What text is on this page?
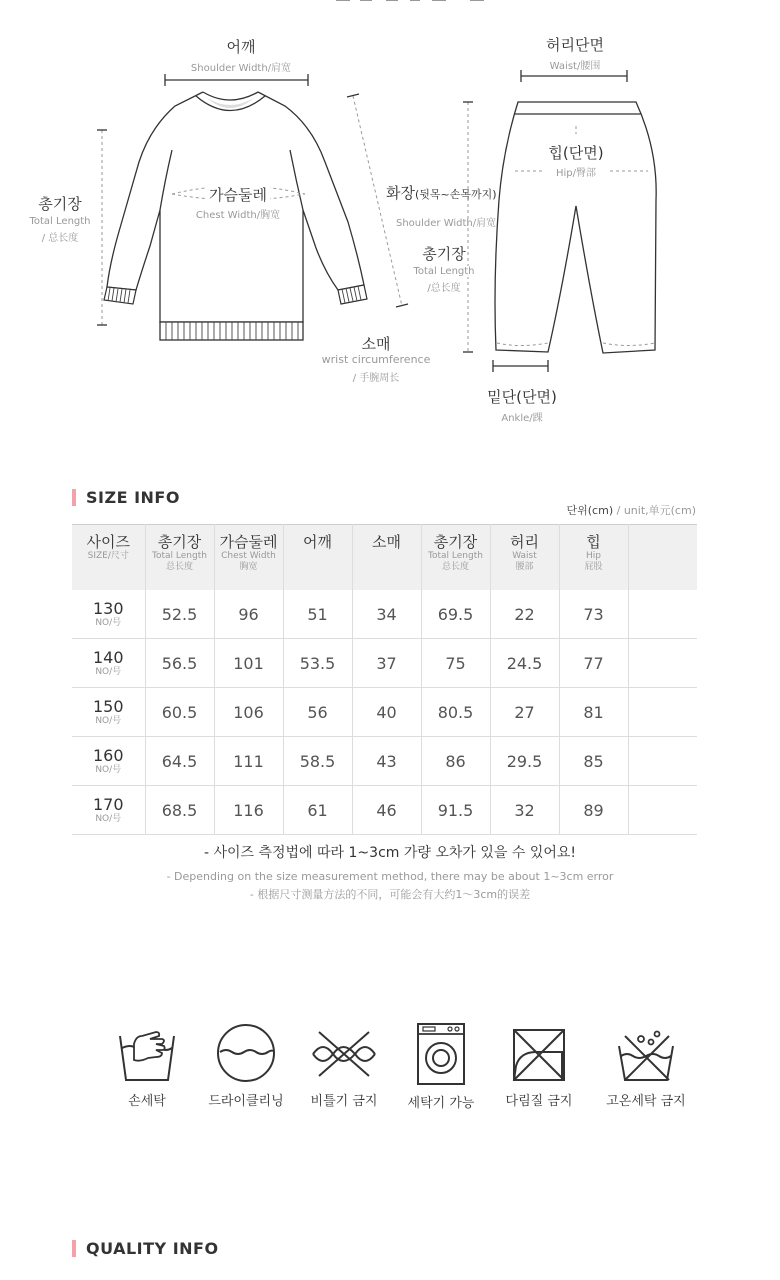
어깨
Shoulder Width/肩宽
총기장
Total Length
/ 总长度
가슴둘레
Chest Width/胸宽
화장(뒷목~손목까지)
Shoulder Width/肩宽
소매
wrist circumference
/ 手腕周长
허리단면
Waist/腰围
힙(단면)
Hip/臀部
총기장
Total Length
/总长度
밑단(단면)
Ankle/踝
SIZE INFO
단위(cm) / unit,单元(cm)
사이즈
SIZE/尺寸	총기장
Total Length
总长度	가슴둘레
Chest Width
胸宽	어깨	소매	총기장
Total Length
总长度	허리
Waist
腰部	힙
Hip
屁股	

130
NO/号	52.5	96	51	34	69.5	22	73	

140
NO/号	56.5	101	53.5	37	75	24.5	77	

150
NO/号	60.5	106	56	40	80.5	27	81	

160
NO/号	64.5	111	58.5	43	86	29.5	85	

170
NO/号	68.5	116	61	46	91.5	32	89	
- 사이즈 측정법에 따라 1~3cm 가량 오차가 있을 수 있어요!
- Depending on the size measurement method, there may be about 1~3cm error
- 根据尺寸测量方法的不同，可能会有大约1～3cm的误差
손세탁	드라이클리닝	비틀기 금지	세탁기 가능	다림질 금지	고온세탁 금지
QUALITY INFO
